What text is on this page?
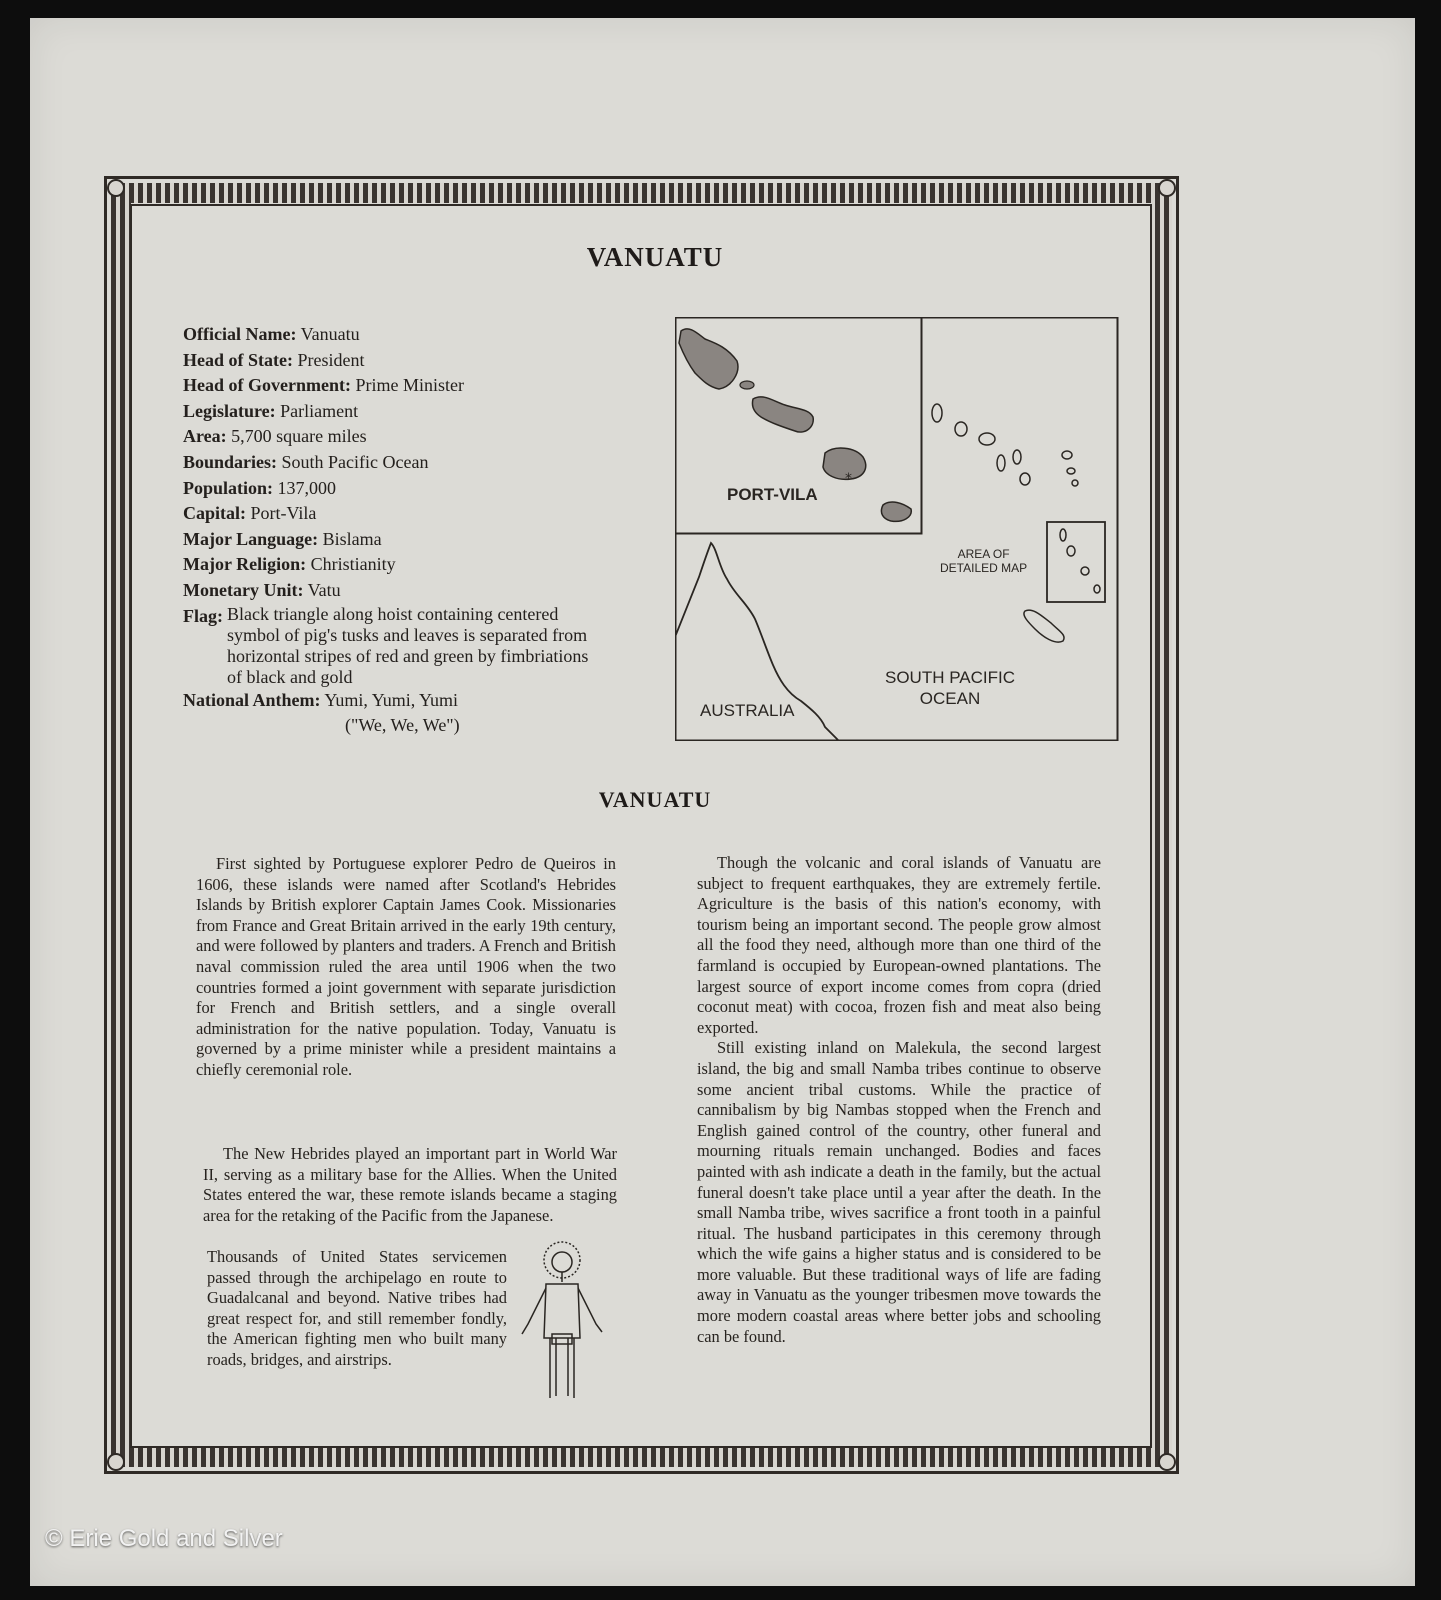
VANUATU
Official Name: Vanuatu
Head of State: President
Head of Government: Prime Minister
Legislature: Parliament
Area: 5,700 square miles
Boundaries: South Pacific Ocean
Population: 137,000
Capital: Port-Vila
Major Language: Bislama
Major Religion: Christianity
Monetary Unit: Vatu
Flag: Black triangle along hoist containing centered symbol of pig's tusks and leaves is separated from horizontal stripes of red and green by fimbriations of black and gold
National Anthem: Yumi, Yumi, Yumi
("We, We, We")
*
PORT-VILA
AREA OF
DETAILED MAP
SOUTH PACIFIC
OCEAN
AUSTRALIA
VANUATU

First sighted by Portuguese explorer Pedro de Queiros in 1606, these islands were named after Scotland's Hebrides Islands by British explorer Captain James Cook. Missionaries from France and Great Britain arrived in the early 19th century, and were followed by planters and traders. A French and British naval commission ruled the area until 1906 when the two countries formed a joint government with separate jurisdiction for French and British settlers, and a single overall administration for the native population. Today, Vanuatu is governed by a prime minister while a president maintains a chiefly ceremonial role.

The New Hebrides played an important part in World War II, serving as a military base for the Allies. When the United States entered the war, these remote islands became a staging area for the retaking of the Pacific from the Japanese.

Thousands of United States servicemen passed through the archipelago en route to Guadalcanal and beyond. Native tribes had great respect for, and still remember fondly, the American fighting men who built many roads, bridges, and airstrips.

Though the volcanic and coral islands of Vanuatu are subject to frequent earthquakes, they are extremely fertile. Agriculture is the basis of this nation's economy, with tourism being an important second. The people grow almost all the food they need, although more than one third of the farmland is occupied by European-owned plantations. The largest source of export income comes from copra (dried coconut meat) with cocoa, frozen fish and meat also being exported.

Still existing inland on Malekula, the second largest island, the big and small Namba tribes continue to observe some ancient tribal customs. While the practice of cannibalism by big Nambas stopped when the French and English gained control of the country, other funeral and mourning rituals remain unchanged. Bodies and faces painted with ash indicate a death in the family, but the actual funeral doesn't take place until a year after the death. In the small Namba tribe, wives sacrifice a front tooth in a painful ritual. The husband participates in this ceremony through which the wife gains a higher status and is considered to be more valuable. But these traditional ways of life are fading away in Vanuatu as the younger tribesmen move towards the more modern coastal areas where better jobs and schooling can be found.

© Erie Gold and Silver
